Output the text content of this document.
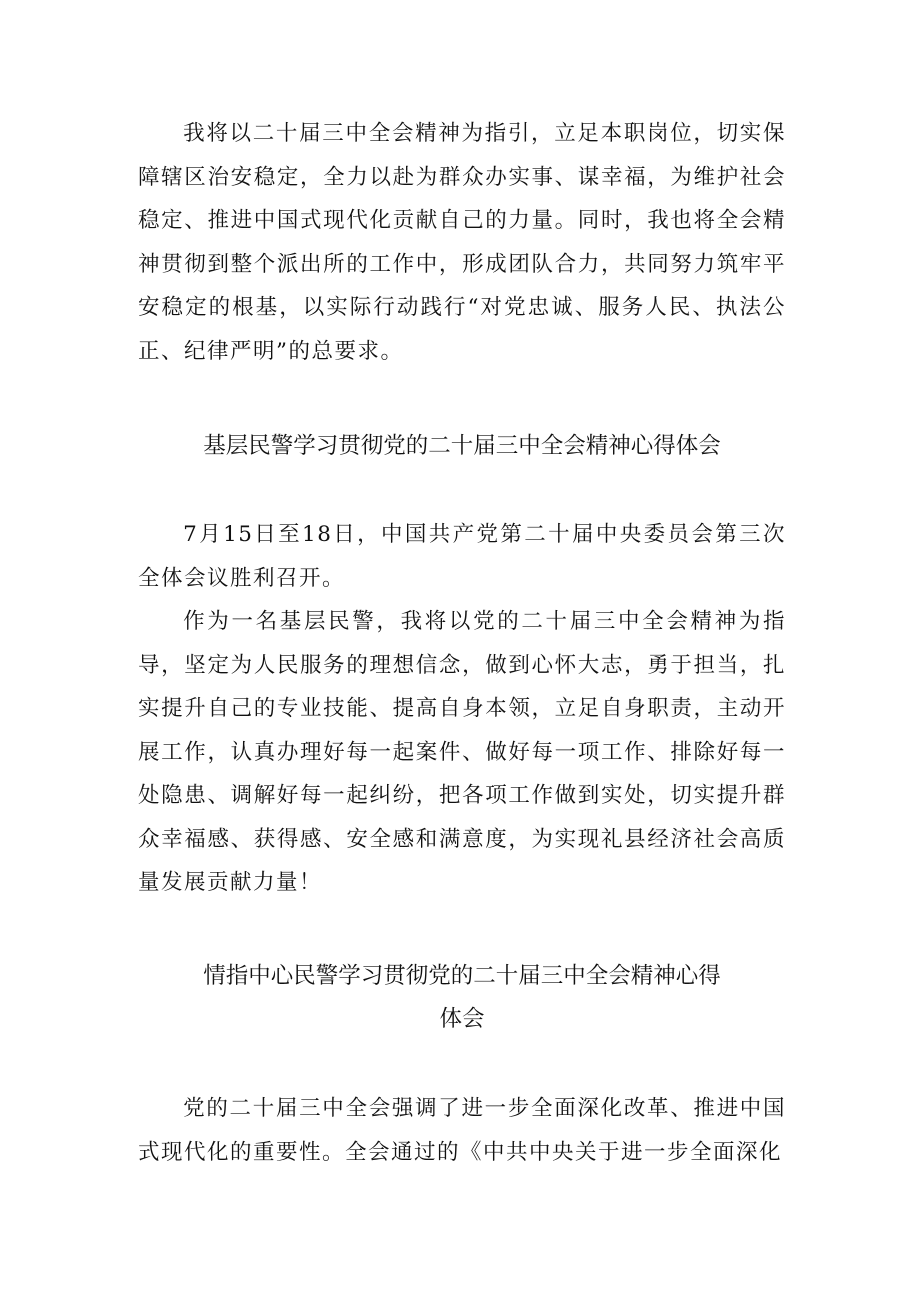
我将以二十届三中全会精神为指引，立足本职岗位，切实保障辖区治安稳定，全力以赴为群众办实事、谋幸福，为维护社会稳定、推进中国式现代化贡献自己的力量。同时，我也将全会精神贯彻到整个派出所的工作中，形成团队合力，共同努力筑牢平安稳定的根基，以实际行动践行“对党忠诚、服务人民、执法公正、纪律严明”的总要求。

基层民警学习贯彻党的二十届三中全会精神心得体会

7月15日至18日，中国共产党第二十届中央委员会第三次全体会议胜利召开。

作为一名基层民警，我将以党的二十届三中全会精神为指导，坚定为人民服务的理想信念，做到心怀大志，勇于担当，扎实提升自己的专业技能、提高自身本领，立足自身职责，主动开展工作，认真办理好每一起案件、做好每一项工作、排除好每一处隐患、调解好每一起纠纷，把各项工作做到实处，切实提升群众幸福感、获得感、安全感和满意度，为实现礼县经济社会高质量发展贡献力量！

情指中心民警学习贯彻党的二十届三中全会精神心得
体会

党的二十届三中全会强调了进一步全面深化改革、推进中国式现代化的重要性。全会通过的《中共中央关于进一步全面深化
